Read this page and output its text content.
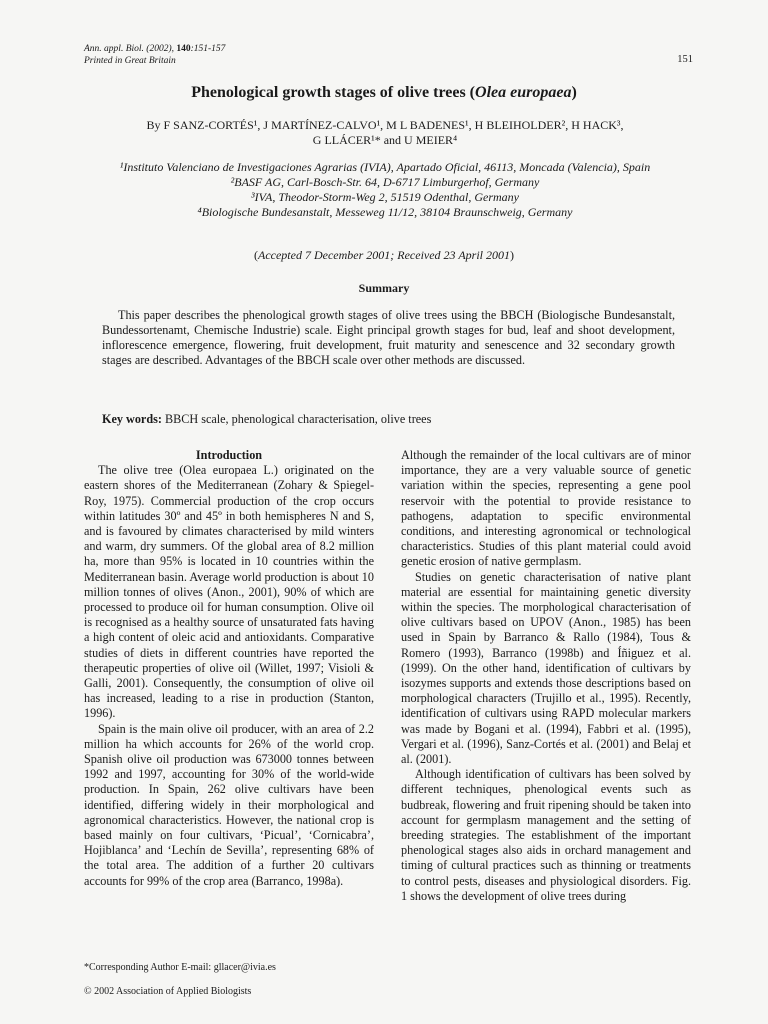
Ann. appl. Biol. (2002), 140:151-157
Printed in Great Britain	151
Phenological growth stages of olive trees (Olea europaea)
By F SANZ-CORTÉS¹, J MARTÍNEZ-CALVO¹, M L BADENES¹, H BLEIHOLDER², H HACK³,
G LLÁCER¹* and U MEIER⁴
¹Instituto Valenciano de Investigaciones Agrarias (IVIA), Apartado Oficial, 46113, Moncada (Valencia), Spain
²BASF AG, Carl-Bosch-Str. 64, D-6717 Limburgerhof, Germany
³IVA, Theodor-Storm-Weg 2, 51519 Odenthal, Germany
⁴Biologische Bundesanstalt, Messeweg 11/12, 38104 Braunschweig, Germany
(Accepted 7 December 2001; Received 23 April 2001)
Summary

This paper describes the phenological growth stages of olive trees using the BBCH (Biologische Bundesanstalt, Bundessortenamt, Chemische Industrie) scale. Eight principal growth stages for bud, leaf and shoot development, inflorescence emergence, flowering, fruit development, fruit maturity and senescence and 32 secondary growth stages are described. Advantages of the BBCH scale over other methods are discussed.

Key words: BBCH scale, phenological characterisation, olive trees

Introduction

The olive tree (Olea europaea L.) originated on the eastern shores of the Mediterranean (Zohary & Spiegel-Roy, 1975). Commercial production of the crop occurs within latitudes 30º and 45º in both hemispheres N and S, and is favoured by climates characterised by mild winters and warm, dry summers. Of the global area of 8.2 million ha, more than 95% is located in 10 countries within the Mediterranean basin. Average world production is about 10 million tonnes of olives (Anon., 2001), 90% of which are processed to produce oil for human consumption. Olive oil is recognised as a healthy source of unsaturated fats having a high content of oleic acid and antioxidants. Comparative studies of diets in different countries have reported the therapeutic properties of olive oil (Willet, 1997; Visioli & Galli, 2001). Consequently, the consumption of olive oil has increased, leading to a rise in production (Stanton, 1996).

Spain is the main olive oil producer, with an area of 2.2 million ha which accounts for 26% of the world crop. Spanish olive oil production was 673000 tonnes between 1992 and 1997, accounting for 30% of the world-wide production. In Spain, 262 olive cultivars have been identified, differing widely in their morphological and agronomical characteristics. However, the national crop is based mainly on four cultivars, ‘Picual’, ‘Cornicabra’, Hojiblanca’ and ‘Lechín de Sevilla’, representing 68% of the total area. The addition of a further 20 cultivars accounts for 99% of the crop area (Barranco, 1998a).

Although the remainder of the local cultivars are of minor importance, they are a very valuable source of genetic variation within the species, representing a gene pool reservoir with the potential to provide resistance to pathogens, adaptation to specific environmental conditions, and interesting agronomical or technological characteristics. Studies of this plant material could avoid genetic erosion of native germplasm.

Studies on genetic characterisation of native plant material are essential for maintaining genetic diversity within the species. The morphological characterisation of olive cultivars based on UPOV (Anon., 1985) has been used in Spain by Barranco & Rallo (1984), Tous & Romero (1993), Barranco (1998b) and Íñiguez et al. (1999). On the other hand, identification of cultivars by isozymes supports and extends those descriptions based on morphological characters (Trujillo et al., 1995). Recently, identification of cultivars using RAPD molecular markers was made by Bogani et al. (1994), Fabbri et al. (1995), Vergari et al. (1996), Sanz-Cortés et al. (2001) and Belaj et al. (2001).

Although identification of cultivars has been solved by different techniques, phenological events such as budbreak, flowering and fruit ripening should be taken into account for germplasm management and the setting of breeding strategies. The establishment of the important phenological stages also aids in orchard management and timing of cultural practices such as thinning or treatments to control pests, diseases and physiological disorders. Fig. 1 shows the development of olive trees during

*Corresponding Author E-mail: gllacer@ivia.es
© 2002 Association of Applied Biologists
